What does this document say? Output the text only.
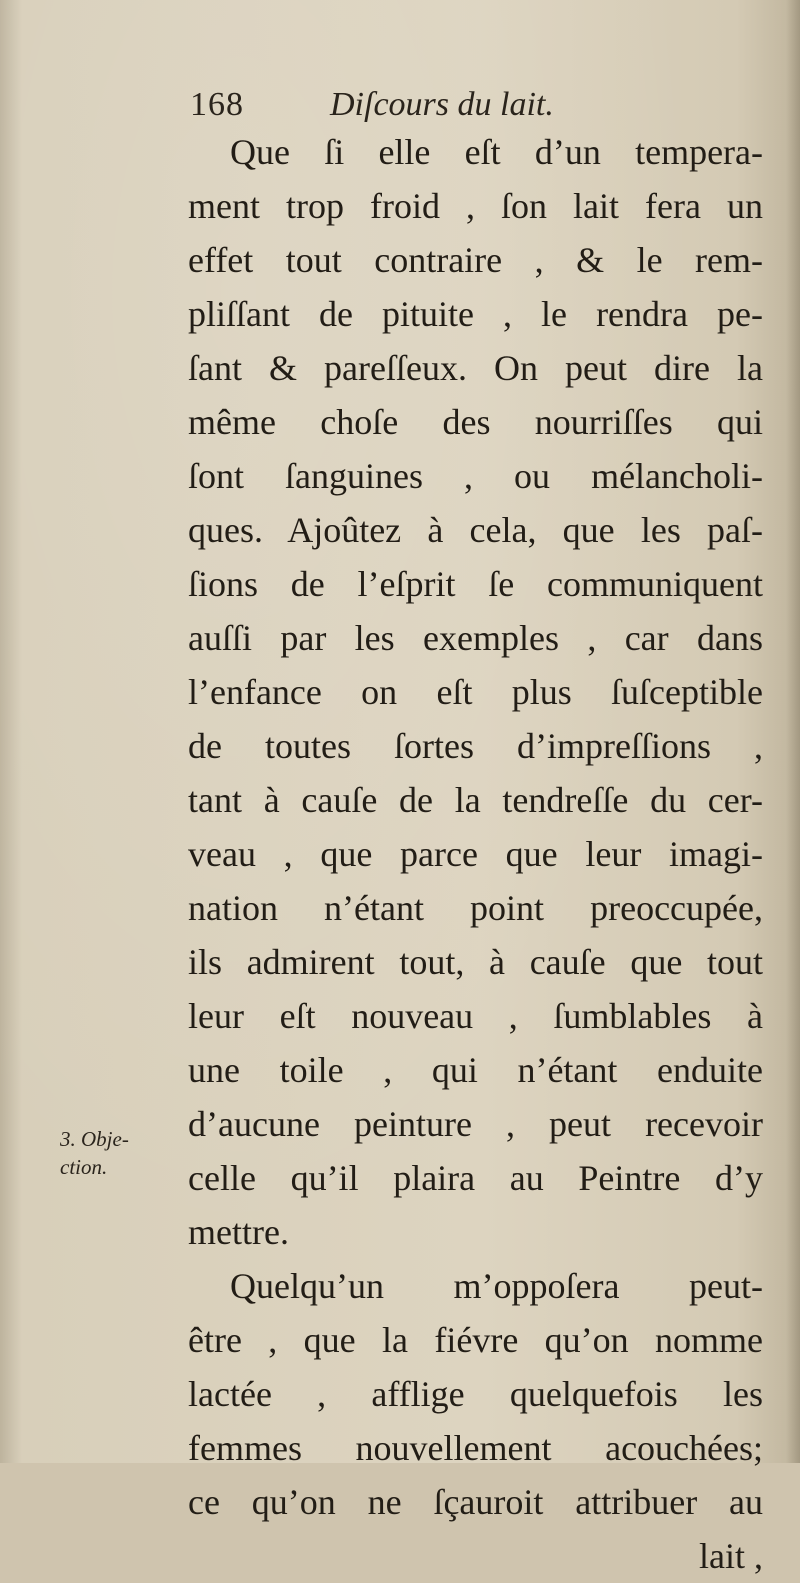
168	Diſcours du lait.
3. Obje-
ction.
Que ſi elle eſt d’un tempera-
ment trop froid , ſon lait fera un
effet tout contraire , & le rem-
pliſſant de pituite , le rendra pe-
ſant & pareſſeux. On peut dire la
même choſe des nourriſſes qui
ſont ſanguines , ou mélancholi-
ques. Ajoûtez à cela, que les paſ-
ſions de l’eſprit ſe communiquent
auſſi par les exemples , car dans
l’enfance on eſt plus ſuſceptible
de toutes ſortes d’impreſſions ,
tant à cauſe de la tendreſſe du cer-
veau , que parce que leur imagi-
nation n’étant point preoccupée,
ils admirent tout, à cauſe que tout
leur eſt nouveau , ſumblables à
une toile , qui n’étant enduite
d’aucune peinture , peut recevoir
celle qu’il plaira au Peintre d’y
mettre.
Quelqu’un m’oppoſera peut-
être , que la fiévre qu’on nomme
lactée , afflige quelquefois les
femmes nouvellement acouchées;
ce qu’on ne ſçauroit attribuer au
lait ,
